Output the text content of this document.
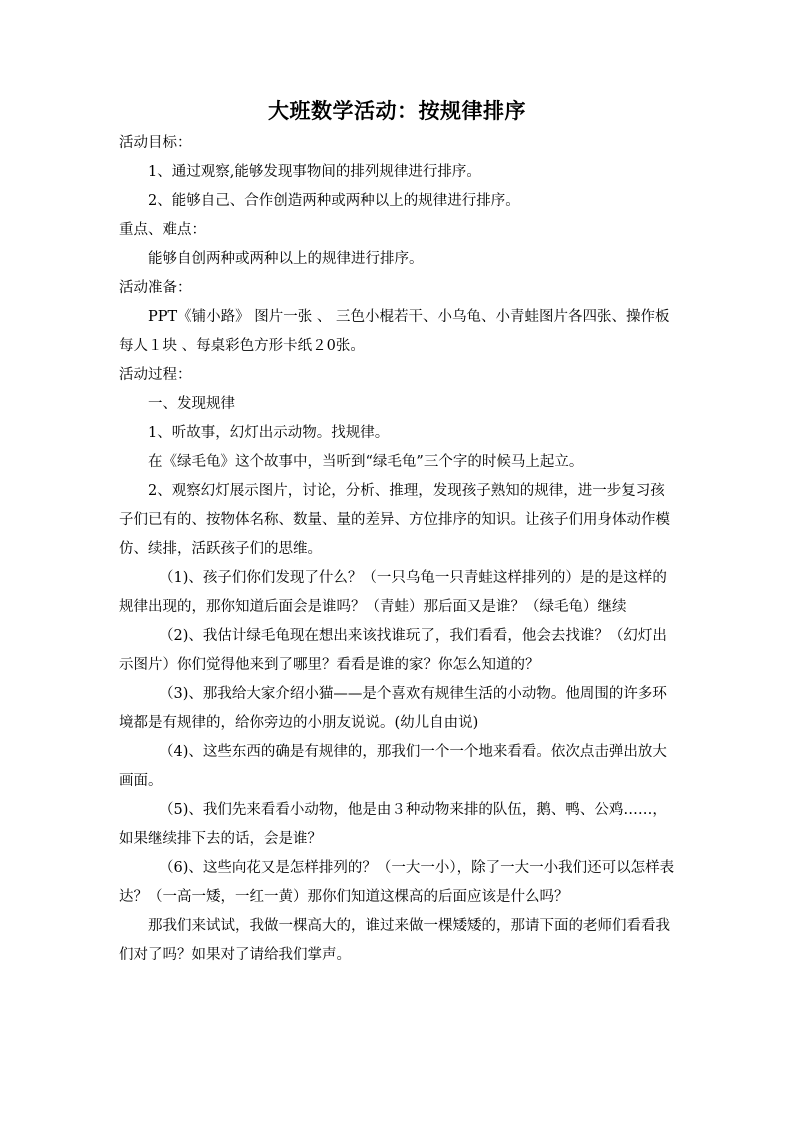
大班数学活动：按规律排序

活动目标：

1、通过观察,能够发现事物间的排列规律进行排序。

2、能够自己、合作创造两种或两种以上的规律进行排序。

重点、难点：

能够自创两种或两种以上的规律进行排序。

活动准备：

PPT《铺小路》 图片一张 、 三色小棍若干、小乌龟、小青蛙图片各四张、操作板每人１块 、每桌彩色方形卡纸２0张。

活动过程：

一、发现规律

1、听故事，幻灯出示动物。找规律。

在《绿毛龟》这个故事中，当听到“绿毛龟”三个字的时候马上起立。

2、观察幻灯展示图片，讨论，分析、推理，发现孩子熟知的规律，进一步复习孩子们已有的、按物体名称、数量、量的差异、方位排序的知识。让孩子们用身体动作模仿、续排，活跃孩子们的思维。

（1)、孩子们你们发现了什么？（一只乌龟一只青蛙这样排列的）是的是这样的规律出现的，那你知道后面会是谁吗？（青蛙）那后面又是谁？（绿毛龟）继续

（2)、我估计绿毛龟现在想出来该找谁玩了，我们看看，他会去找谁？（幻灯出示图片）你们觉得他来到了哪里？看看是谁的家？你怎么知道的？

（3)、那我给大家介绍小猫——是个喜欢有规律生活的小动物。他周围的许多环境都是有规律的，给你旁边的小朋友说说。(幼儿自由说)

（4)、这些东西的确是有规律的，那我们一个一个地来看看。依次点击弹出放大画面。

（5)、我们先来看看小动物，他是由３种动物来排的队伍，鹅、鸭、公鸡……，如果继续排下去的话，会是谁？

（6)、这些向花又是怎样排列的？（一大一小），除了一大一小我们还可以怎样表达？（一高一矮，一红一黄）那你们知道这棵高的后面应该是什么吗？

那我们来试试，我做一棵高大的，谁过来做一棵矮矮的，那请下面的老师们看看我们对了吗？如果对了请给我们掌声。
